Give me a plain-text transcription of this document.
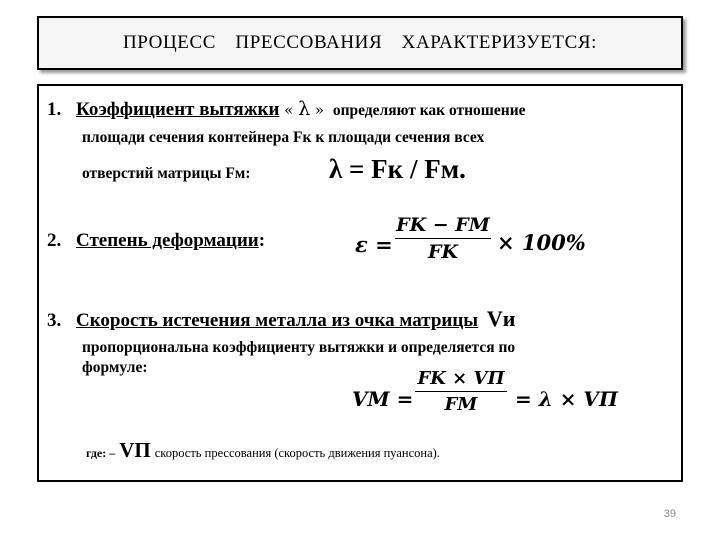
ПРОЦЕСС ПРЕССОВАНИЯ ХАРАКТЕРИЗУЕТСЯ:
1. Коэффициент вытяжки « λ » определяют как отношение
площади сечения контейнера Fк к площади сечения всех
отверстий матрицы Fм:	λ = Fк / Fм.
2. Степень деформации:	ε =
FK − FM
FK × 100%
3. Скорость истечения металла из очка матрицы Vи
пропорциональна коэффициенту вытяжки и определяется по
формуле:
VM =
FK × VП
FM = λ × VП
где: – VП скорость прессования (скорость движения пуансона).
39
